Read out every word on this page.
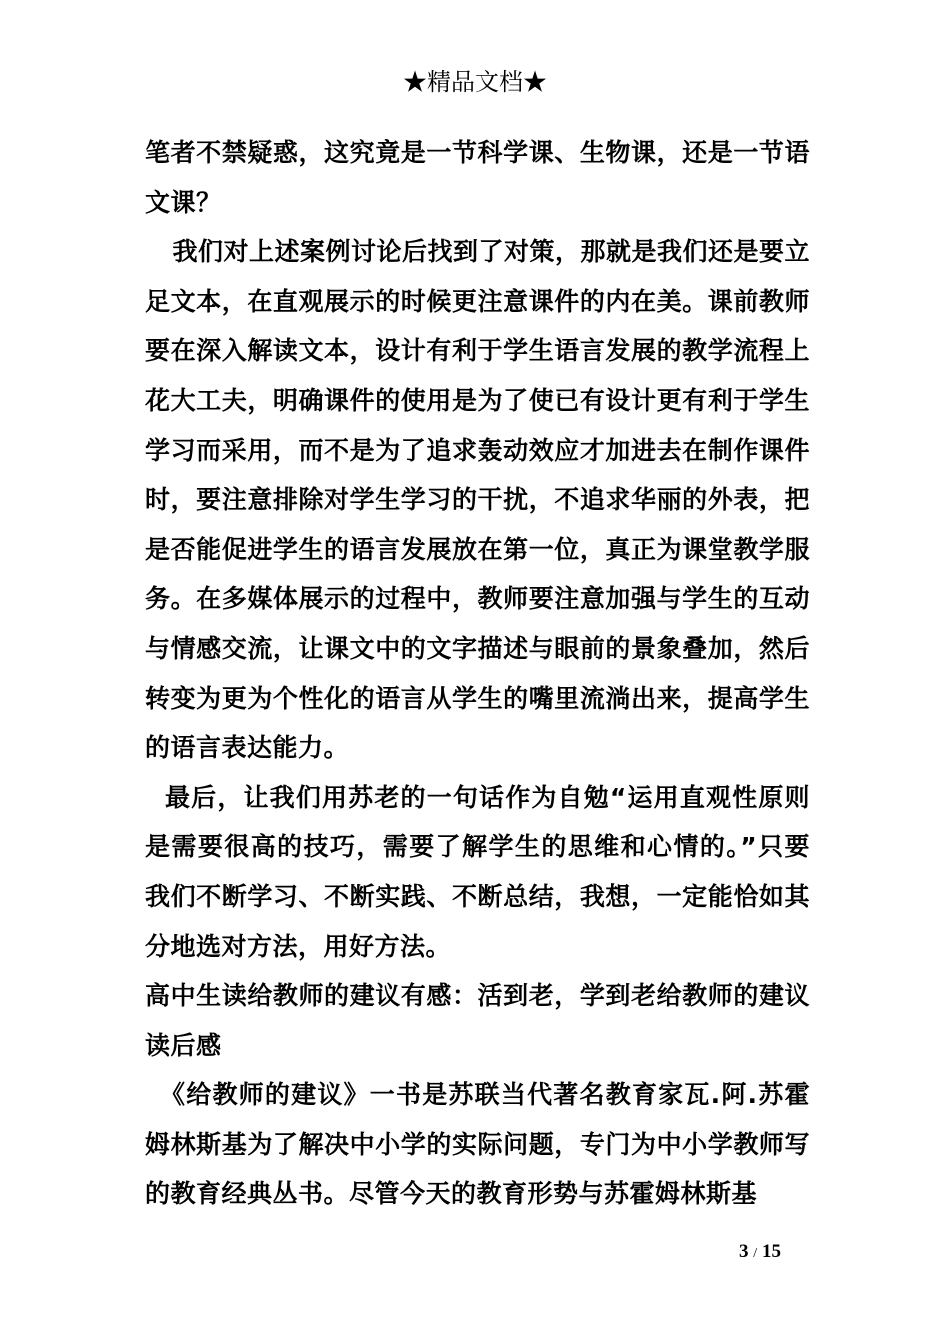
★精品文档★

笔者不禁疑惑，这究竟是一节科学课、生物课，还是一节语文课？

我们对上述案例讨论后找到了对策，那就是我们还是要立足文本，在直观展示的时候更注意课件的内在美。课前教师要在深入解读文本，设计有利于学生语言发展的教学流程上花大工夫，明确课件的使用是为了使已有设计更有利于学生学习而采用，而不是为了追求轰动效应才加进去在制作课件时，要注意排除对学生学习的干扰，不追求华丽的外表，把是否能促进学生的语言发展放在第一位，真正为课堂教学服务。在多媒体展示的过程中，教师要注意加强与学生的互动与情感交流，让课文中的文字描述与眼前的景象叠加，然后转变为更为个性化的语言从学生的嘴里流淌出来，提高学生的语言表达能力。

最后，让我们用苏老的一句话作为自勉“运用直观性原则是需要很高的技巧，需要了解学生的思维和心情的。”只要我们不断学习、不断实践、不断总结，我想，一定能恰如其分地选对方法，用好方法。

高中生读给教师的建议有感：活到老，学到老给教师的建议读后感

《给教师的建议》一书是苏联当代著名教育家瓦.阿.苏霍姆林斯基为了解决中小学的实际问题，专门为中小学教师写的教育经典丛书。尽管今天的教育形势与苏霍姆林斯基

3 / 15
